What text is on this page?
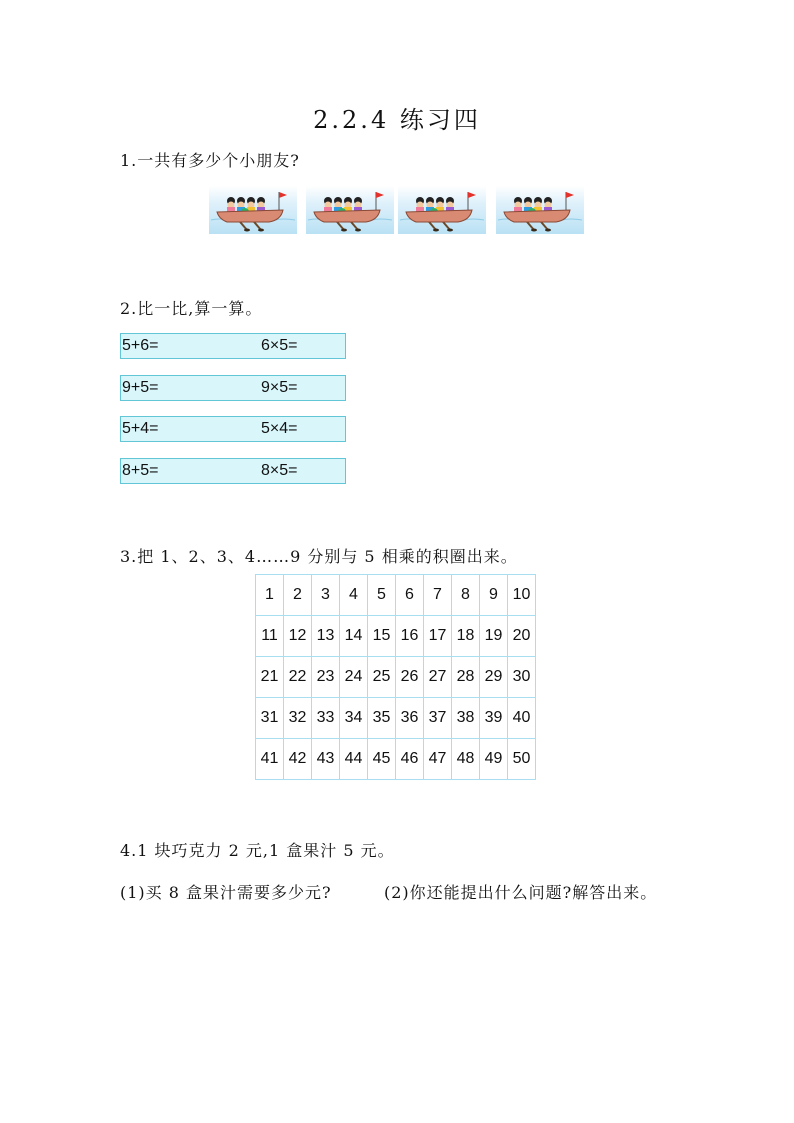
2.2.4 练习四
1.一共有多少个小朋友?
2.比一比,算一算。
5+6=	6×5=
9+5=	9×5=
5+4=	5×4=
8+5=	8×5=
3.把 1、2、3、4……9 分别与 5 相乘的积圈出来。
1	2	3	4	5	6	7	8	9	10
11	12	13	14	15	16	17	18	19	20
21	22	23	24	25	26	27	28	29	30
31	32	33	34	35	36	37	38	39	40
41	42	43	44	45	46	47	48	49	50
4.1 块巧克力 2 元,1 盒果汁 5 元。
(1)买 8 盒果汁需要多少元?	(2)你还能提出什么问题?解答出来。
